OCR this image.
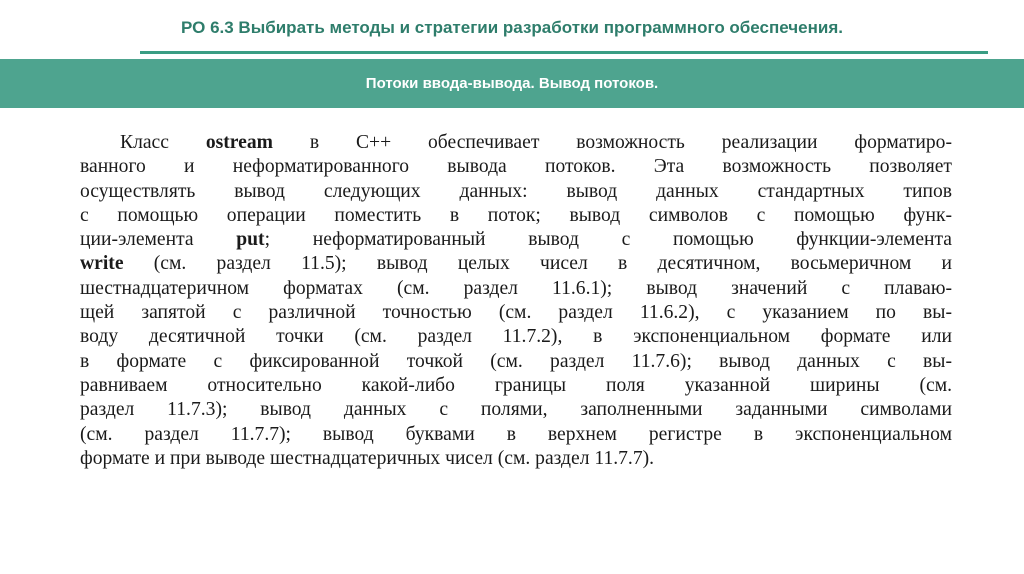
РО 6.3 Выбирать методы и стратегии разработки программного обеспечения.
Потоки ввода-вывода. Вывод потоков.
Класс ostream в С++ обеспечивает возможность реализации форматиро-
ванного и неформатированного вывода потоков. Эта возможность позволяет
осуществлять вывод следующих данных: вывод данных стандартных типов
с помощью операции поместить в поток; вывод символов с помощью функ-
ции-элемента put; неформатированный вывод с помощью функции-элемента
write (см. раздел 11.5); вывод целых чисел в десятичном, восьмеричном и
шестнадцатеричном форматах (см. раздел 11.6.1); вывод значений с плаваю-
щей запятой с различной точностью (см. раздел 11.6.2), с указанием по вы-
воду десятичной точки (см. раздел 11.7.2), в экспоненциальном формате или
в формате с фиксированной точкой (см. раздел 11.7.6); вывод данных с вы-
равниваем относительно какой-либо границы поля указанной ширины (см.
раздел 11.7.3); вывод данных с полями, заполненными заданными символами
(см. раздел 11.7.7); вывод буквами в верхнем регистре в экспоненциальном
формате и при выводе шестнадцатеричных чисел (см. раздел 11.7.7).
